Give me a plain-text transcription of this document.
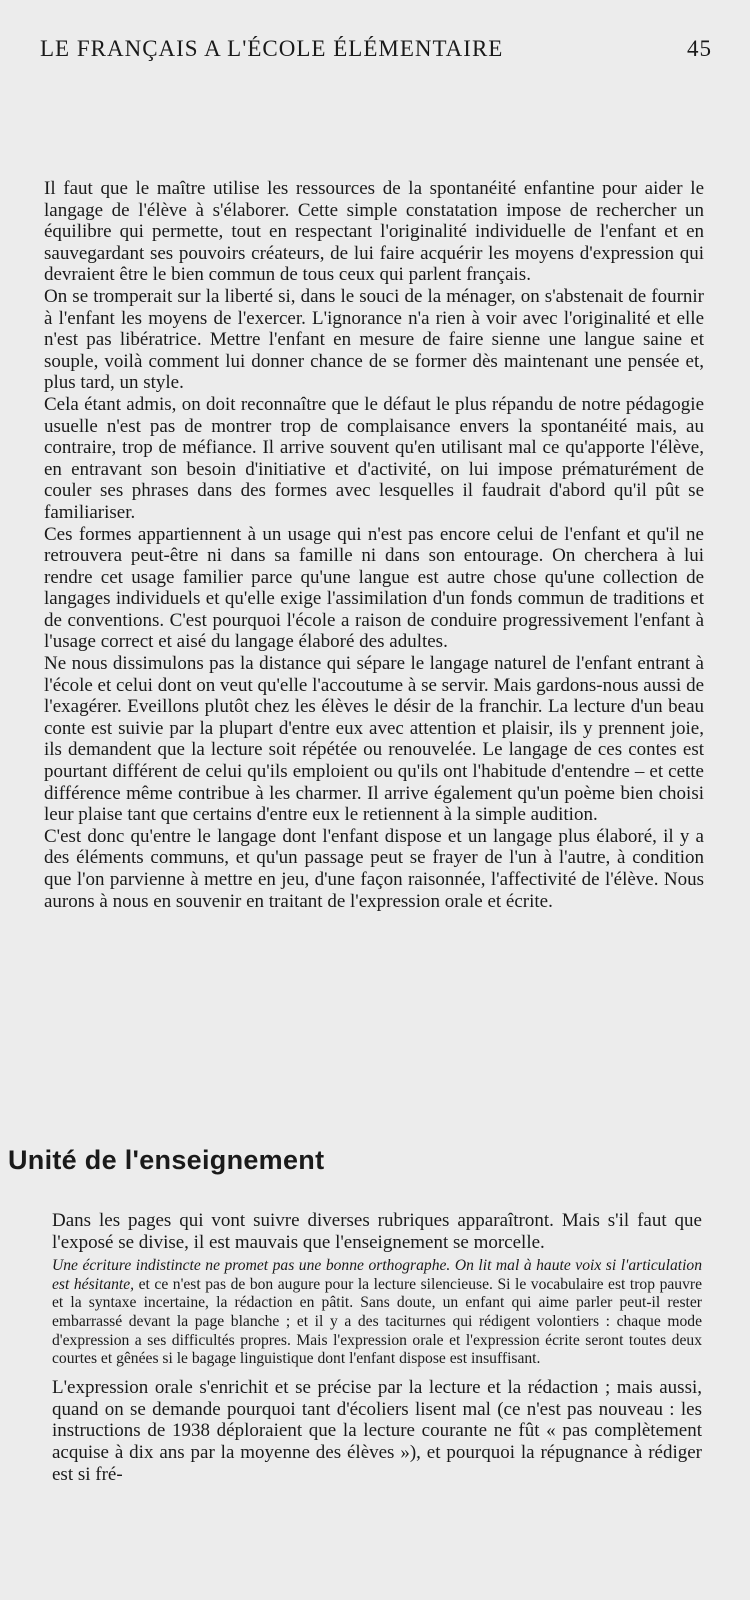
LE FRANÇAIS A L'ÉCOLE ÉLÉMENTAIRE	45

Il faut que le maître utilise les ressources de la spontanéité enfantine pour aider le langage de l'élève à s'élaborer. Cette simple constatation impose de rechercher un équilibre qui permette, tout en respectant l'originalité individuelle de l'enfant et en sauvegardant ses pouvoirs créateurs, de lui faire acquérir les moyens d'expression qui devraient être le bien commun de tous ceux qui parlent français.

On se tromperait sur la liberté si, dans le souci de la ménager, on s'abstenait de fournir à l'enfant les moyens de l'exercer. L'ignorance n'a rien à voir avec l'originalité et elle n'est pas libératrice. Mettre l'enfant en mesure de faire sienne une langue saine et souple, voilà comment lui donner chance de se former dès maintenant une pensée et, plus tard, un style.

Cela étant admis, on doit reconnaître que le défaut le plus répandu de notre pédagogie usuelle n'est pas de montrer trop de complaisance envers la spontanéité mais, au contraire, trop de méfiance. Il arrive souvent qu'en utilisant mal ce qu'apporte l'élève, en entravant son besoin d'initiative et d'activité, on lui impose prématurément de couler ses phrases dans des formes avec lesquelles il faudrait d'abord qu'il pût se familiariser.

Ces formes appartiennent à un usage qui n'est pas encore celui de l'enfant et qu'il ne retrouvera peut-être ni dans sa famille ni dans son entourage. On cherchera à lui rendre cet usage familier parce qu'une langue est autre chose qu'une collection de langages individuels et qu'elle exige l'assimilation d'un fonds commun de traditions et de conventions. C'est pourquoi l'école a raison de conduire progressivement l'enfant à l'usage correct et aisé du langage élaboré des adultes.

Ne nous dissimulons pas la distance qui sépare le langage naturel de l'enfant entrant à l'école et celui dont on veut qu'elle l'accoutume à se servir. Mais gardons-nous aussi de l'exagérer. Eveillons plutôt chez les élèves le désir de la franchir. La lecture d'un beau conte est suivie par la plupart d'entre eux avec attention et plaisir, ils y prennent joie, ils demandent que la lecture soit répétée ou renouvelée. Le langage de ces contes est pourtant différent de celui qu'ils emploient ou qu'ils ont l'habitude d'entendre – et cette différence même contribue à les charmer. Il arrive également qu'un poème bien choisi leur plaise tant que certains d'entre eux le retiennent à la simple audition.

C'est donc qu'entre le langage dont l'enfant dispose et un langage plus élaboré, il y a des éléments communs, et qu'un passage peut se frayer de l'un à l'autre, à condition que l'on parvienne à mettre en jeu, d'une façon raisonnée, l'affectivité de l'élève. Nous aurons à nous en souvenir en traitant de l'expression orale et écrite.

Unité de l'enseignement

Dans les pages qui vont suivre diverses rubriques apparaîtront. Mais s'il faut que l'exposé se divise, il est mauvais que l'enseignement se morcelle.

Une écriture indistincte ne promet pas une bonne orthographe. On lit mal à haute voix si l'articulation est hésitante, et ce n'est pas de bon augure pour la lecture silencieuse. Si le vocabulaire est trop pauvre et la syntaxe incertaine, la rédaction en pâtit. Sans doute, un enfant qui aime parler peut-il rester embarrassé devant la page blanche ; et il y a des taciturnes qui rédigent volontiers : chaque mode d'expression a ses difficultés propres. Mais l'expression orale et l'expression écrite seront toutes deux courtes et gênées si le bagage linguistique dont l'enfant dispose est insuffisant.

L'expression orale s'enrichit et se précise par la lecture et la rédaction ; mais aussi, quand on se demande pourquoi tant d'écoliers lisent mal (ce n'est pas nouveau : les instructions de 1938 déploraient que la lecture courante ne fût « pas complètement acquise à dix ans par la moyenne des élèves »), et pourquoi la répugnance à rédiger est si fré-
